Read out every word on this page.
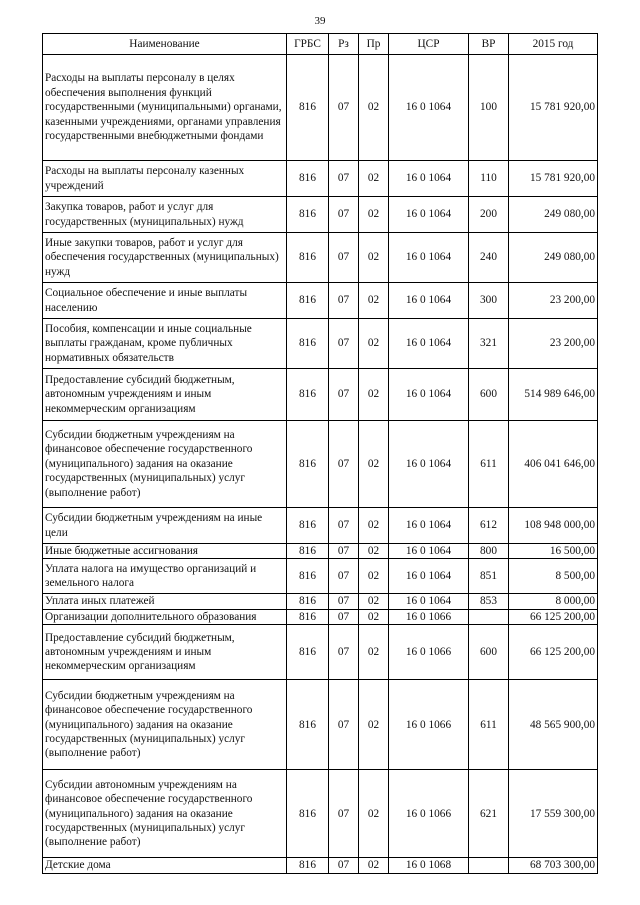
39
Наименование	ГРБС	Рз	Пр	ЦСР	ВР	2015 год
Расходы на выплаты персоналу в целях обеспечения выполнения функций государственными (муниципальными) органами, казенными учреждениями, органами управления государственными внебюджетными фондами	816	07	02	16 0 1064	100	15 781 920,00
Расходы на выплаты персоналу казенных учреждений	816	07	02	16 0 1064	110	15 781 920,00
Закупка товаров, работ и услуг для государственных (муниципальных) нужд	816	07	02	16 0 1064	200	249 080,00
Иные закупки товаров, работ и услуг для обеспечения государственных (муниципальных) нужд	816	07	02	16 0 1064	240	249 080,00
Социальное обеспечение и иные выплаты населению	816	07	02	16 0 1064	300	23 200,00
Пособия, компенсации и иные социальные выплаты гражданам, кроме публичных нормативных обязательств	816	07	02	16 0 1064	321	23 200,00
Предоставление субсидий бюджетным, автономным учреждениям и иным некоммерческим организациям	816	07	02	16 0 1064	600	514 989 646,00
Субсидии бюджетным учреждениям на финансовое обеспечение государственного (муниципального) задания на оказание государственных (муниципальных) услуг (выполнение работ)	816	07	02	16 0 1064	611	406 041 646,00
Субсидии бюджетным учреждениям на иные цели	816	07	02	16 0 1064	612	108 948 000,00
Иные бюджетные ассигнования	816	07	02	16 0 1064	800	16 500,00
Уплата налога на имущество организаций и земельного налога	816	07	02	16 0 1064	851	8 500,00
Уплата иных платежей	816	07	02	16 0 1064	853	8 000,00
Организации дополнительного образования	816	07	02	16 0 1066		66 125 200,00
Предоставление субсидий бюджетным, автономным учреждениям и иным некоммерческим организациям	816	07	02	16 0 1066	600	66 125 200,00
Субсидии бюджетным учреждениям на финансовое обеспечение государственного (муниципального) задания на оказание государственных (муниципальных) услуг (выполнение работ)	816	07	02	16 0 1066	611	48 565 900,00
Субсидии автономным учреждениям на финансовое обеспечение государственного (муниципального) задания на оказание государственных (муниципальных) услуг (выполнение работ)	816	07	02	16 0 1066	621	17 559 300,00
Детские дома	816	07	02	16 0 1068		68 703 300,00
